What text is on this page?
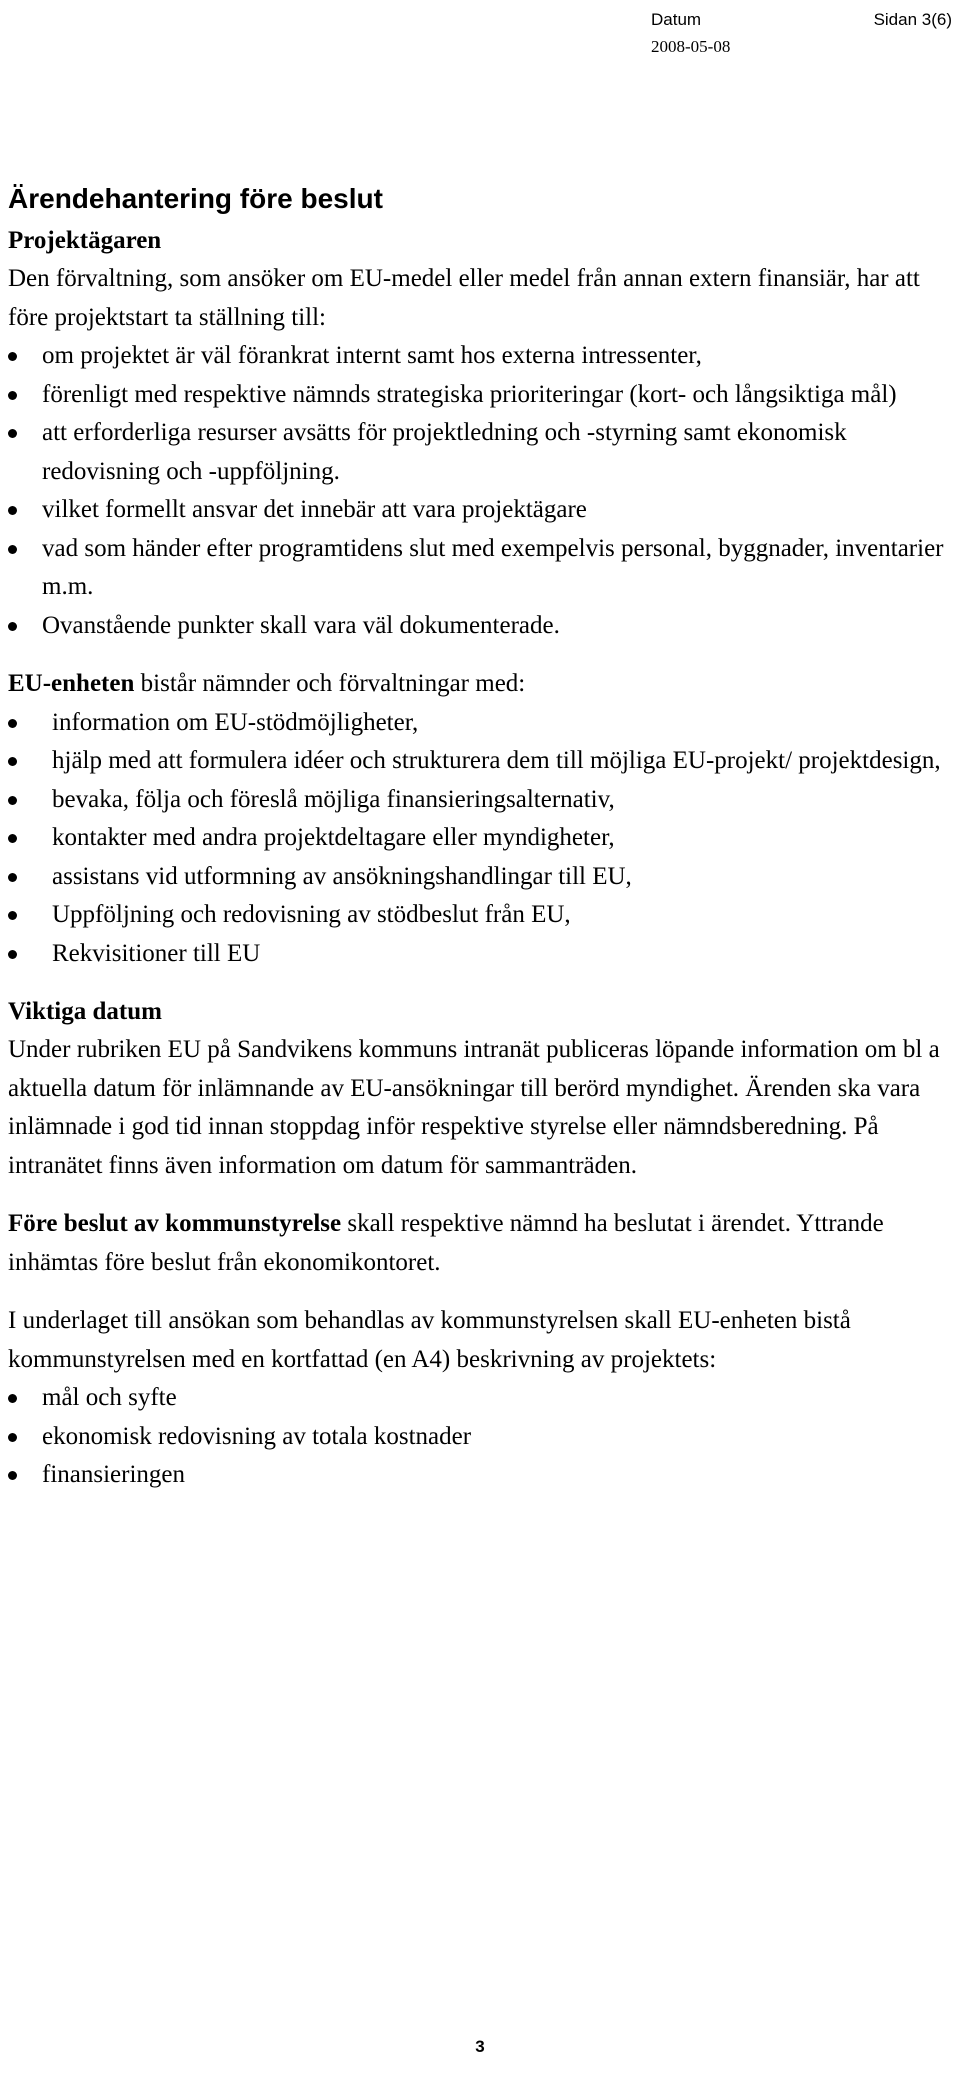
Datum
2008-05-08
Sidan 3(6)
Ärendehantering före beslut
Projektägaren

Den förvaltning, som ansöker om EU-medel eller medel från annan extern finansiär, har att före projektstart ta ställning till:

om projektet är väl förankrat internt samt hos externa intressenter,
förenligt med respektive nämnds strategiska prioriteringar (kort- och långsiktiga mål)
att erforderliga resurser avsätts för projektledning och -styrning samt ekonomisk redovisning och -uppföljning.
vilket formellt ansvar det innebär att vara projektägare
vad som händer efter programtidens slut med exempelvis personal, byggnader, inventarier m.m.
Ovanstående punkter skall vara väl dokumenterade.

EU-enheten bistår nämnder och förvaltningar med:

information om EU-stödmöjligheter,
hjälp med att formulera idéer och strukturera dem till möjliga EU-projekt/ projektdesign,
bevaka, följa och föreslå möjliga finansieringsalternativ,
kontakter med andra projektdeltagare eller myndigheter,
assistans vid utformning av ansökningshandlingar till EU,
Uppföljning och redovisning av stödbeslut från EU,
Rekvisitioner till EU
Viktiga datum

Under rubriken EU på Sandvikens kommuns intranät publiceras löpande information om bl a aktuella datum för inlämnande av EU-ansökningar till berörd myndighet. Ärenden ska vara inlämnade i god tid innan stoppdag inför respektive styrelse eller nämndsberedning. På intranätet finns även information om datum för sammanträden.

Före beslut av kommunstyrelse skall respektive nämnd ha beslutat i ärendet. Yttrande inhämtas före beslut från ekonomikontoret.

I underlaget till ansökan som behandlas av kommunstyrelsen skall EU-enheten bistå kommunstyrelsen med en kortfattad (en A4) beskrivning av projektets:

mål och syfte
ekonomisk redovisning av totala kostnader
finansieringen
3
